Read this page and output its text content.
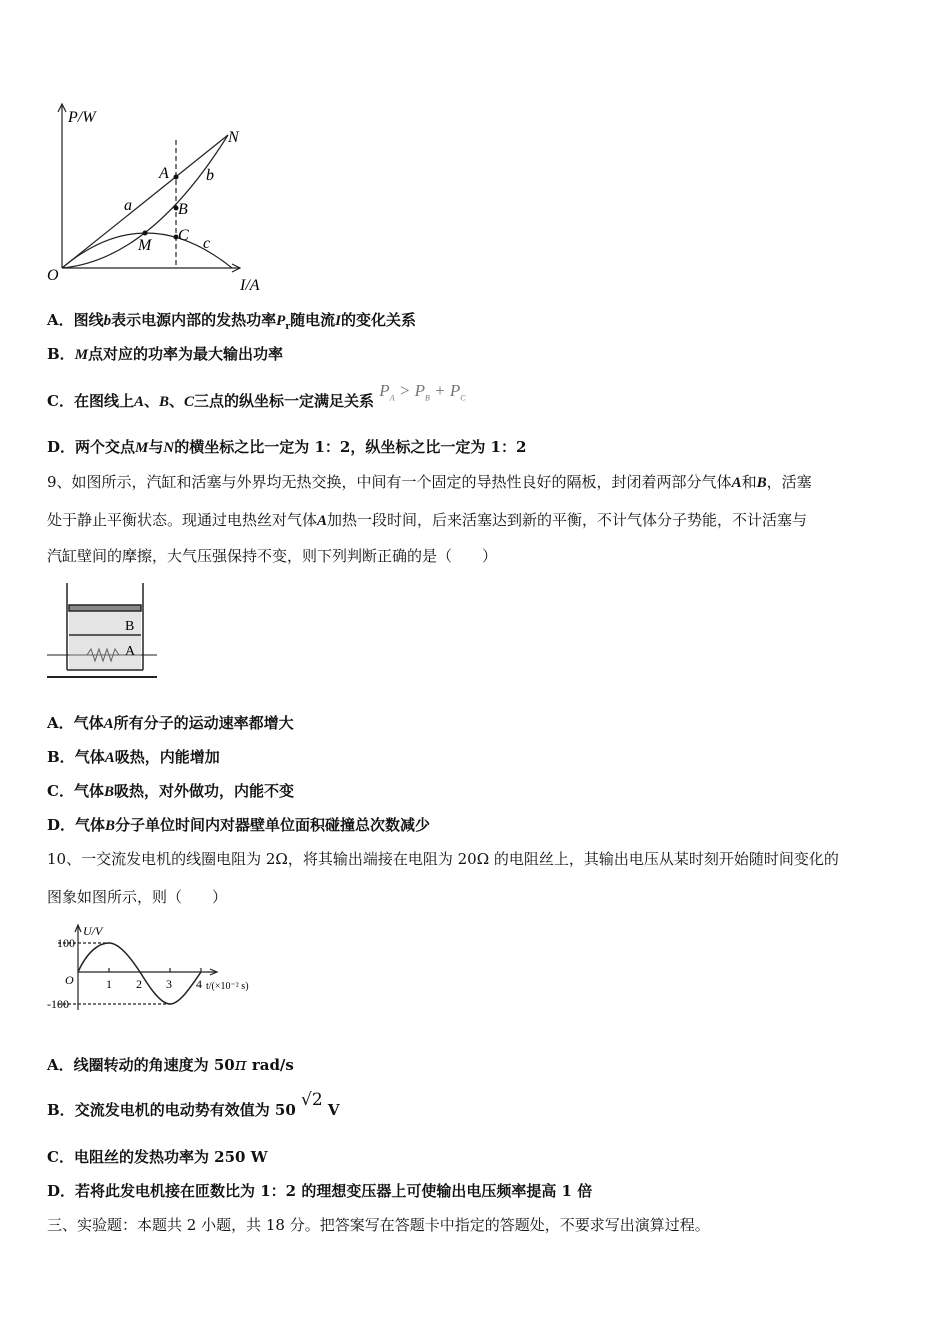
P/W
I/A
O
N
A
B
C
M
a
b
c
A．图线b表示电源内部的发热功率$P_r$随电流I的变化关系
B．M点对应的功率为最大输出功率
C．在图线上A、B、C三点的纵坐标一定满足关系 $P_A > P_B + P_C$
D．两个交点M与N的横坐标之比一定为 1：2，纵坐标之比一定为 1：2
9、如图所示，汽缸和活塞与外界均无热交换，中间有一个固定的导热性良好的隔板，封闭着两部分气体A和B，活塞
处于静止平衡状态。现通过电热丝对气体A加热一段时间，后来活塞达到新的平衡，不计气体分子势能，不计活塞与
汽缸壁间的摩擦，大气压强保持不变，则下列判断正确的是（　　）
B
A
A．气体A所有分子的运动速率都增大
B．气体A吸热，内能增加
C．气体B吸热，对外做功，内能不变
D．气体B分子单位时间内对器壁单位面积碰撞总次数减少
10、一交流发电机的线圈电阻为 2Ω，将其输出端接在电阻为 20Ω 的电阻丝上，其输出电压从某时刻开始随时间变化的
图象如图所示，则（　　）
U/V
100
-100
O	1 2 3 4 t/(×10⁻² s)
A．线圈转动的角速度为 50π rad/s
B．交流发电机的电动势有效值为 50 √2 V
C．电阻丝的发热功率为 250 W
D．若将此发电机接在匝数比为 1：2 的理想变压器上可使输出电压频率提高 1 倍
三、实验题：本题共 2 小题，共 18 分。把答案写在答题卡中指定的答题处，不要求写出演算过程。
